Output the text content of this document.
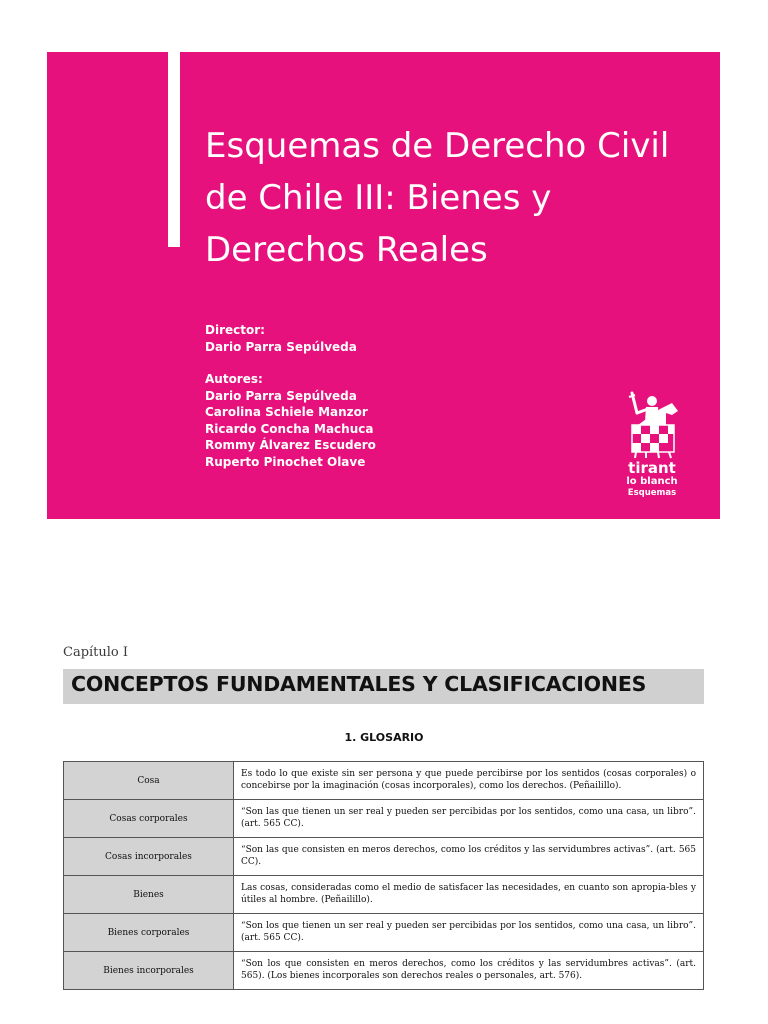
Esquemas de Derecho Civil de Chile III: Bienes y Derechos Reales
Director:
Dario Parra Sepúlveda
Autores:
Dario Parra Sepúlveda
Carolina Schiele Manzor
Ricardo Concha Machuca
Rommy Álvarez Escudero
Ruperto Pinochet Olave	tirant
lo blanch
Esquemas
Capítulo I
CONCEPTOS FUNDAMENTALES Y CLASIFICACIONES
1. GLOSARIO
Cosa	Es todo lo que existe sin ser persona y que puede percibirse por los sentidos (cosas corporales) o concebirse por la imaginación (cosas incorporales), como los derechos. (Peñailillo).
Cosas corporales	“Son las que tienen un ser real y pueden ser percibidas por los sentidos, como una casa, un libro”. (art. 565 CC).
Cosas incorporales	“Son las que consisten en meros derechos, como los créditos y las servidumbres activas”. (art. 565 CC).
Bienes	Las cosas, consideradas como el medio de satisfacer las necesidades, en cuanto son apropia-bles y útiles al hombre. (Peñailillo).
Bienes corporales	“Son los que tienen un ser real y pueden ser percibidas por los sentidos, como una casa, un libro”. (art. 565 CC).
Bienes incorporales	“Son los que consisten en meros derechos, como los créditos y las servidumbres activas”. (art. 565). (Los bienes incorporales son derechos reales o personales, art. 576).
